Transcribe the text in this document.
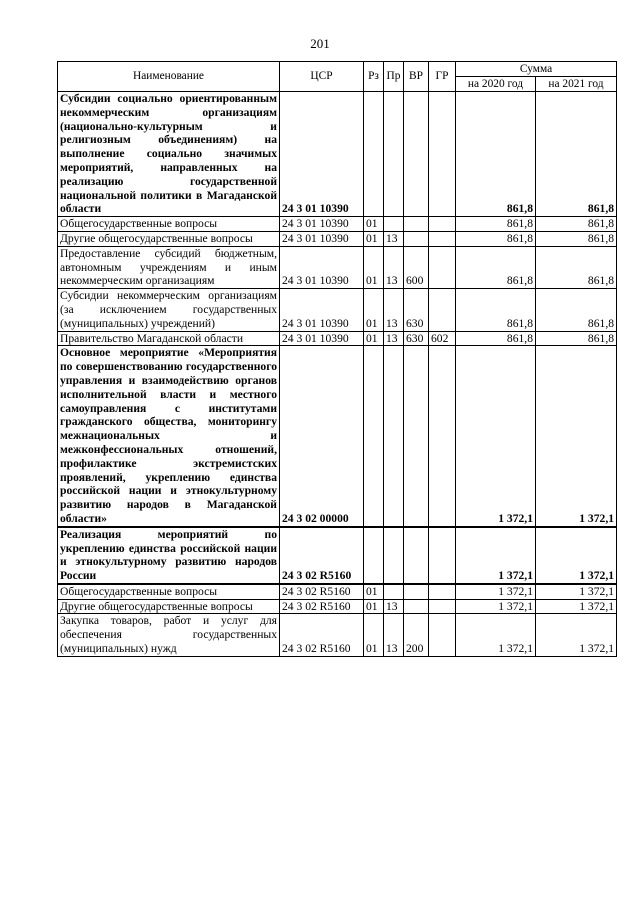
201
Наименование	ЦСР	Рз	Пр	ВР	ГР	Сумма	
						на 2020 год	на 2021 год
Субсидии социально ориентированным некоммерческим организациям (национально-культурным и религиозным объединениям) на выполнение социально значимых мероприятий, направленных на реализацию государственной национальной политики в Магаданской области	24 3 01 10390					861,8	861,8
Общегосударственные вопросы	24 3 01 10390	01				861,8	861,8
Другие общегосударственные вопросы	24 3 01 10390	01	13			861,8	861,8
Предоставление субсидий бюджетным, автономным учреждениям и иным некоммерческим организациям	24 3 01 10390	01	13	600		861,8	861,8
Субсидии некоммерческим организациям (за исключением государственных (муниципальных) учреждений)	24 3 01 10390	01	13	630		861,8	861,8
Правительство Магаданской области	24 3 01 10390	01	13	630	602	861,8	861,8
Основное мероприятие «Мероприятия по совершенствованию государственного управления и взаимодействию органов исполнительной власти и местного самоуправления с институтами гражданского общества, мониторингу межнациональных и межконфессиональных отношений, профилактике экстремистских проявлений, укреплению единства российской нации и этнокультурному развитию народов в Магаданской области»	24 3 02 00000					1 372,1	1 372,1
Реализация мероприятий по укреплению единства российской нации и этнокультурному развитию народов России	24 3 02 R5160					1 372,1	1 372,1
Общегосударственные вопросы	24 3 02 R5160	01				1 372,1	1 372,1
Другие общегосударственные вопросы	24 3 02 R5160	01	13			1 372,1	1 372,1
Закупка товаров, работ и услуг для обеспечения государственных (муниципальных) нужд	24 3 02 R5160	01	13	200		1 372,1	1 372,1
